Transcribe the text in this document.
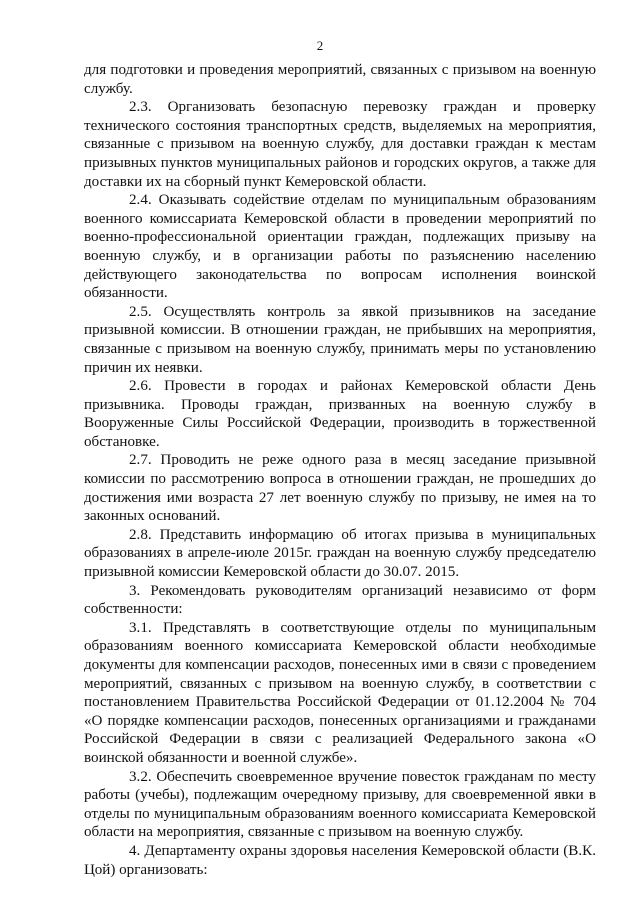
2

для подготовки и проведения мероприятий, связанных с призывом на военную службу.

2.3. Организовать безопасную перевозку граждан и проверку технического состояния транспортных средств, выделяемых на мероприятия, связанные с призывом на военную службу, для доставки граждан к местам призывных пунктов муниципальных районов и городских округов, а также для доставки их на сборный пункт Кемеровской области.

2.4. Оказывать содействие отделам по муниципальным образованиям военного комиссариата Кемеровской области в проведении мероприятий по военно-профессиональной ориентации граждан, подлежащих призыву на военную службу, и в организации работы по разъяснению населению действующего законодательства по вопросам исполнения воинской обязанности.

2.5. Осуществлять контроль за явкой призывников на заседание призывной комиссии. В отношении граждан, не прибывших на мероприятия, связанные с призывом на военную службу, принимать меры по установлению причин их неявки.

2.6. Провести в городах и районах Кемеровской области День призывника. Проводы граждан, призванных на военную службу в Вооруженные Силы Российской Федерации, производить в торжественной обстановке.

2.7. Проводить не реже одного раза в месяц заседание призывной комиссии по рассмотрению вопроса в отношении граждан, не прошедших до достижения ими возраста 27 лет военную службу по призыву, не имея на то законных оснований.

2.8. Представить информацию об итогах призыва в муниципальных образованиях в апреле-июле 2015г. граждан на военную службу председателю призывной комиссии Кемеровской области до 30.07. 2015.

3. Рекомендовать руководителям организаций независимо от форм собственности:

3.1. Представлять в соответствующие отделы по муниципальным образованиям военного комиссариата Кемеровской области необходимые документы для компенсации расходов, понесенных ими в связи с проведением мероприятий, связанных с призывом на военную службу, в соответствии с постановлением Правительства Российской Федерации от 01.12.2004 № 704 «О порядке компенсации расходов, понесенных организациями и гражданами Российской Федерации в связи с реализацией Федерального закона «О воинской обязанности и военной службе».

3.2. Обеспечить своевременное вручение повесток гражданам по месту работы (учебы), подлежащим очередному призыву, для своевременной явки в отделы по муниципальным образованиям военного комиссариата Кемеровской области на мероприятия, связанные с призывом на военную службу.

4. Департаменту охраны здоровья населения Кемеровской области (В.К. Цой) организовать:
